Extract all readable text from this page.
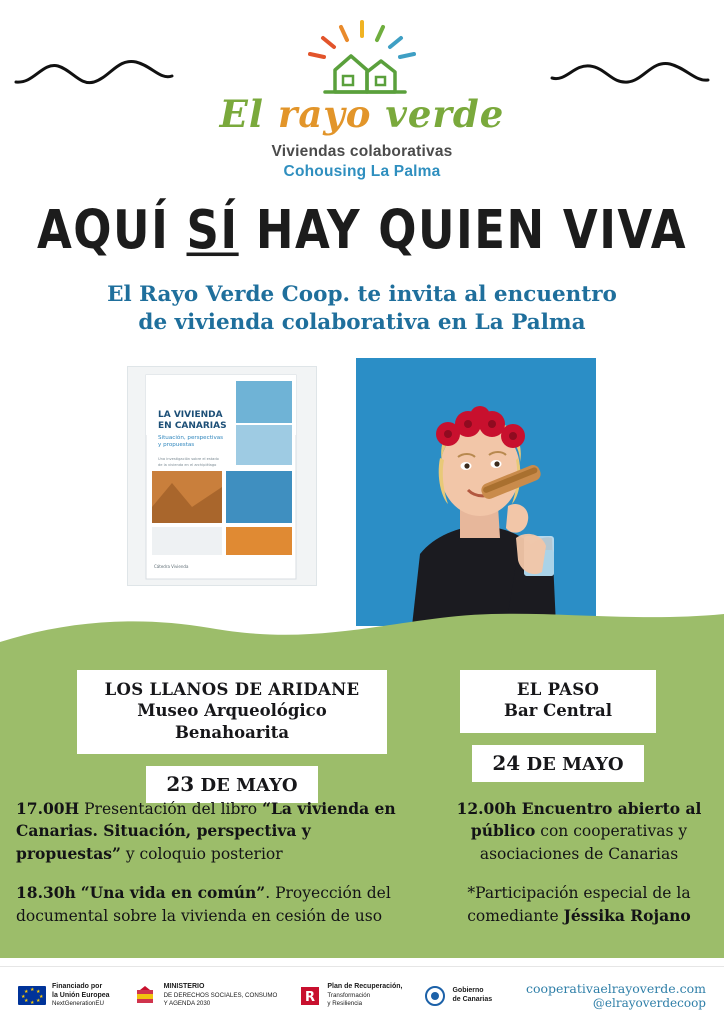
El rayo verde
Viviendas colaborativas
Cohousing La Palma
AQUÍ SÍ HAY QUIEN VIVA
El Rayo Verde Coop. te invita al encuentro
de vivienda colaborativa en La Palma
LA VIVIENDA
EN CANARIAS
Situación, perspectivas
y propuestas
Una investigación sobre el estado
de la vivienda en el archipiélago
Cátedra Vivienda
LOS LLANOS DE ARIDANE
Museo Arqueológico Benahoarita
23 DE MAYO
EL PASO
Bar Central
24 DE MAYO

17.00H Presentación del libro “La vivienda en Canarias. Situación, perspectiva y propuestas” y coloquio posterior

18.30h “Una vida en común”. Proyección del documental sobre la vivienda en cesión de uso

12.00h Encuentro abierto al público con cooperativas y asociaciones de Canarias

*Participación especial de la comediante Jéssika Rojano

★ ★
★
★
★
★
★
★
Financiado por
la Unión Europea
NextGenerationEU
MINISTERIO
DE DERECHOS SOCIALES, CONSUMO
Y AGENDA 2030	R
Plan de Recuperación,
Transformación
y Resiliencia
Gobierno
de Canarias
cooperativaelrayoverde.com
@elrayoverdecoop
